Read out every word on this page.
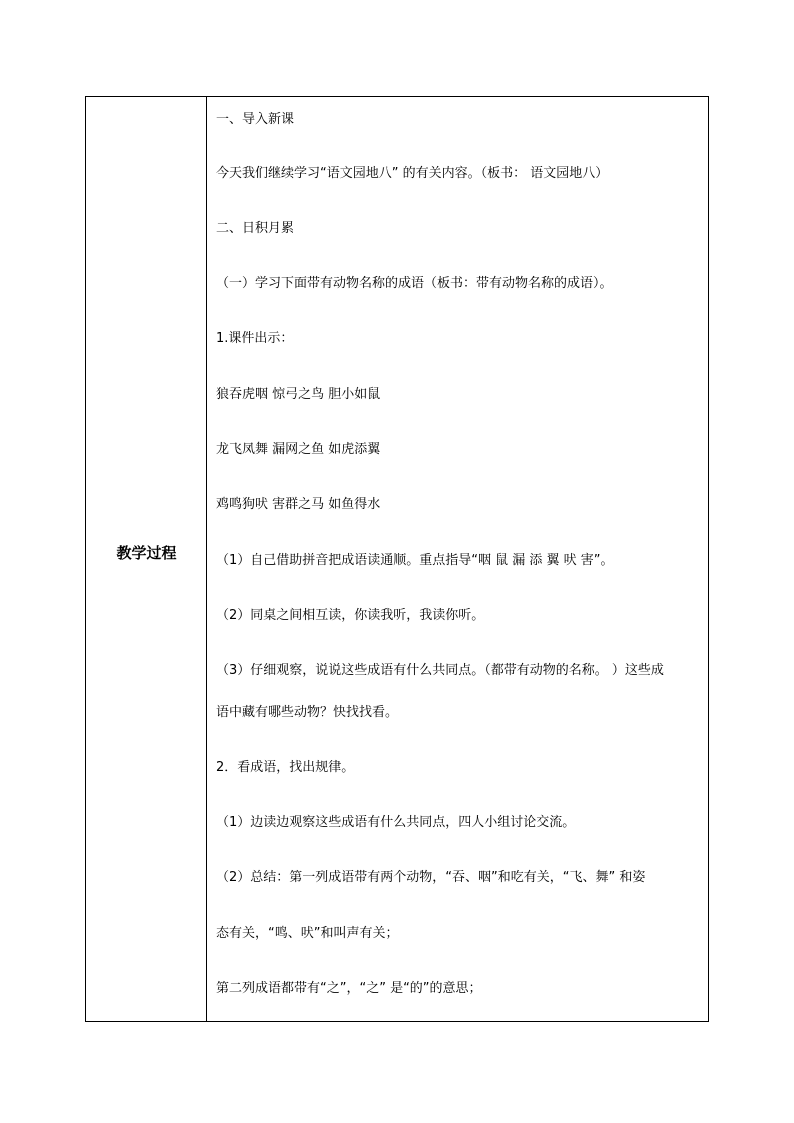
教学过程
一、导入新课
今天我们继续学习“语文园地八” 的有关内容。（板书： 语文园地八）
二、日积月累
（一）学习下面带有动物名称的成语（板书：带有动物名称的成语）。
1.课件出示：
狼吞虎咽 惊弓之鸟 胆小如鼠
龙飞凤舞 漏网之鱼 如虎添翼
鸡鸣狗吠 害群之马 如鱼得水
（1）自己借助拼音把成语读通顺。重点指导“咽 鼠 漏 添 翼 吠 害”。
（2）同桌之间相互读，你读我听，我读你听。
（3）仔细观察，说说这些成语有什么共同点。（都带有动物的名称。 ）这些成
语中藏有哪些动物？快找找看。
2．看成语，找出规律。
（1）边读边观察这些成语有什么共同点，四人小组讨论交流。
（2）总结：第一列成语带有两个动物，“吞、咽”和吃有关，“飞、舞” 和姿
态有关，“鸣、吠”和叫声有关；
第二列成语都带有“之”，“之” 是“的”的意思；
